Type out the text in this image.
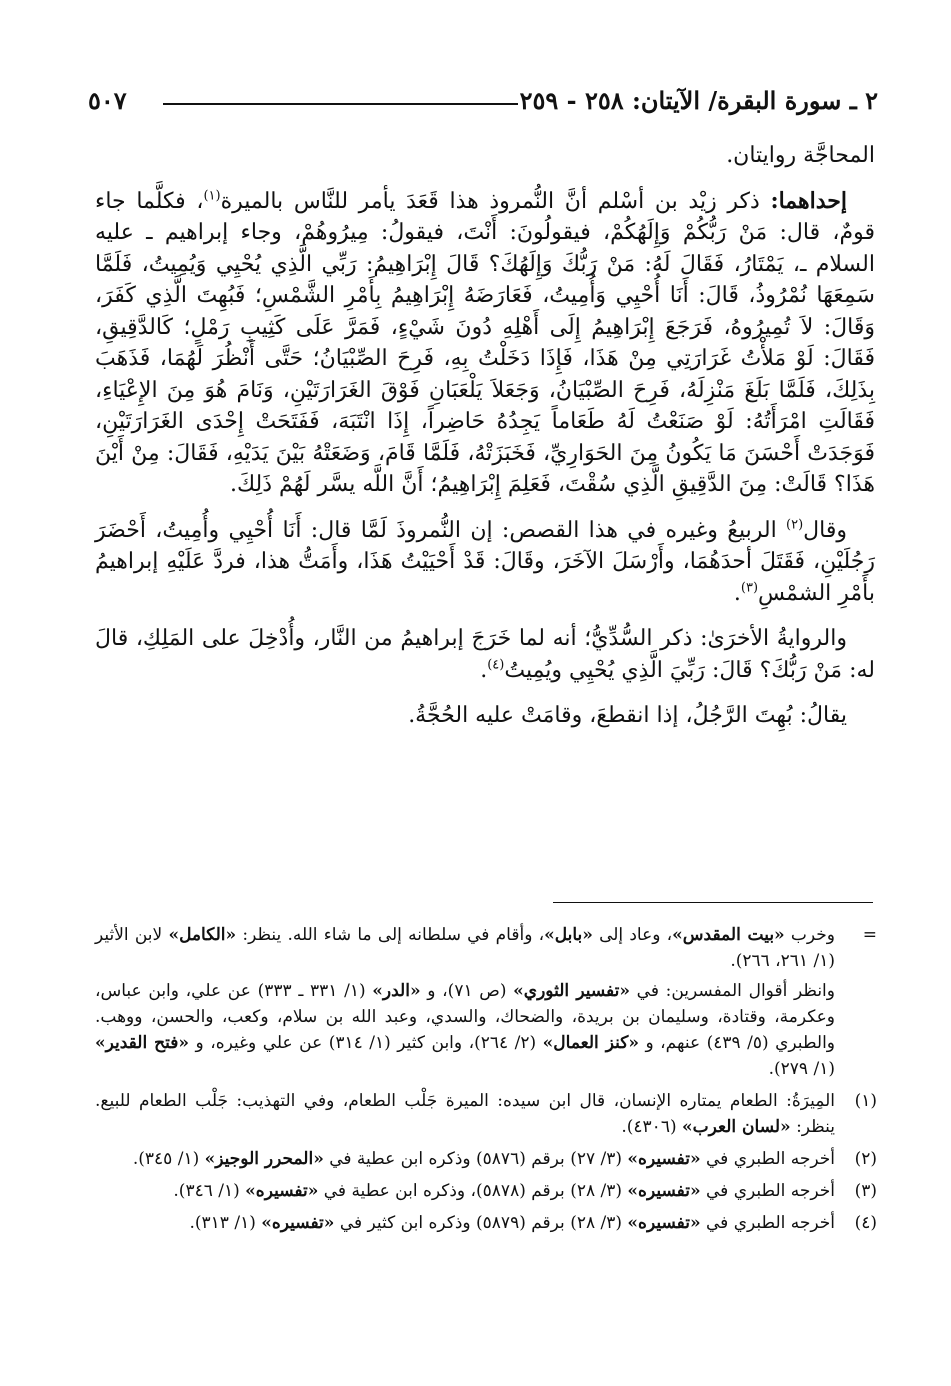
٢ ـ سورة البقرة/ الآيتان: ٢٥٨ - ٢٥٩
٥٠٧

المحاجَّة روايتان.

إحداهما: ذكر زيْد بن أسْلم أنَّ النُّمروذ هذا قَعَدَ يأمر للنَّاس بالميرة$^{(١)}$، فكلَّما جاء قومٌ، قال: مَنْ رَبُّكُمْ وَإِلَهُكُمْ، فيقولُونَ: أَنْتَ، فيقولُ: مِيرُوهُمْ، وجاء إبراهيم ـ عليه السلام ـ، يَمْتَارُ، فَقَالَ لَهُ: مَنْ رَبُّكَ وَإِلَهُكَ؟ قَالَ إِبْرَاهِيمُ: رَبِّي الَّذِي يُحْيِي وَيُمِيتُ، فَلَمَّا سَمِعَهَا نُمْرُوذُ، قَالَ: أَنَا أُحْيِي وَأُمِيتُ، فَعَارَضَهُ إِبْرَاهِيمُ بِأَمْرِ الشَّمْسِ؛ فَبُهِتَ الَّذِي كَفَرَ، وَقَالَ: لاَ تُمِيرُوهُ، فَرَجَعَ إِبْرَاهِيمُ إِلَى أَهْلِهِ دُونَ شَيْءٍ، فَمَرَّ عَلَى كَثِيبِ رَمْلٍ؛ كَالدَّقِيقِ، فَقَالَ: لَوْ مَلأْتُ غَرَارَتِي مِنْ هَذَا، فَإِذَا دَخَلْتُ بِهِ، فَرِحَ الصِّبْيَانُ؛ حَتَّى أَنْظُرَ لَهُمَا، فَذَهَبَ بِذَلِكَ، فَلَمَّا بَلَغَ مَنْزِلَهُ، فَرِحَ الصِّبْيَانُ، وَجَعَلاَ يَلْعَبَانِ فَوْقَ الغَرَارَتَيْنِ، وَنَامَ هُوَ مِنَ الإِعْيَاءِ، فَقَالَتِ امْرَأَتُهُ: لَوْ صَنَعْتُ لَهُ طَعَاماً يَجِدُهُ حَاضِراً، إِذَا انْتَبَهَ، فَفَتَحَتْ إِحْدَى الغَرَارَتَيْنِ، فَوَجَدَتْ أَحْسَنَ مَا يَكُونُ مِنَ الحَوَارِيِّ، فَخَبَزَتْهُ، فَلَمَّا قَامَ، وَضَعَتْهُ بَيْنَ يَدَيْهِ، فَقَالَ: مِنْ أَيْنَ هَذَا؟ قَالَتْ: مِنَ الدَّقِيقِ الَّذِي سُقْتَ، فَعَلِمَ إِبْرَاهِيمُ؛ أَنَّ اللَّه يسَّر لَهُمْ ذَلِكَ.

وقال$^{(٢)}$ الربيعُ وغيره في هذا القصص: إن النُّمروذَ لَمَّا قال: أَنَا أُحْيِي وأُمِيتُ، أَحْضَرَ رَجُلَيْنِ، فَقَتَلَ أحدَهُمَا، وأَرْسَلَ الآخَرَ، وقَالَ: قَدْ أَحْيَيْتُ هَذَا، وأَمَتُّ هذا، فردَّ عَلَيْهِ إبراهيمُ بأَمْرِ الشمْسِ$^{(٣)}$.

والروايةُ الأخرَىٰ: ذكر السُّدِّيُّ؛ أنه لما خَرَجَ إبراهيمُ من النَّار، وأُدْخِلَ على المَلِكِ، قالَ له: مَنْ رَبُّكَ؟ قَالَ: رَبِّيَ الَّذِي يُحْيِي ويُمِيتُ$^{(٤)}$.

يقالُ: بُهِتَ الرَّجُلُ، إذا انقطعَ، وقامَتْ عليه الحُجَّةُ.

=
وخرب «بيت المقدس»، وعاد إلى «بابل»، وأقام في سلطانه إلى ما شاء الله. ينظر: «الكامل» لابن الأثير (١/ ٢٦١، ٢٦٦).
وانظر أقوال المفسرين: في «تفسير الثوري» (ص ٧١)، و «الدر» (١/ ٣٣١ ـ ٣٣٣) عن علي، وابن عباس، وعكرمة، وقتادة، وسليمان بن بريدة، والضحاك، والسدي، وعبد الله بن سلام، وكعب، والحسن، ووهب. والطبري (٥/ ٤٣٩) عنهم، و «كنز العمال» (٢/ ٢٦٤)، وابن كثير (١/ ٣١٤) عن علي وغيره، و «فتح القدير» (١/ ٢٧٩).
(١)
المِيرَةُ: الطعام يمتاره الإنسان، قال ابن سيده: الميرة جَلْب الطعام، وفي التهذيب: جَلْب الطعام للبيع. ينظر: «لسان العرب» (٤٣٠٦).
(٢)
أخرجه الطبري في «تفسيره» (٣/ ٢٧) برقم (٥٨٧٦) وذكره ابن عطية في «المحرر الوجيز» (١/ ٣٤٥).
(٣)
أخرجه الطبري في «تفسيره» (٣/ ٢٨) برقم (٥٨٧٨)، وذكره ابن عطية في «تفسيره» (١/ ٣٤٦).
(٤)
أخرجه الطبري في «تفسيره» (٣/ ٢٨) برقم (٥٨٧٩) وذكره ابن كثير في «تفسيره» (١/ ٣١٣).
